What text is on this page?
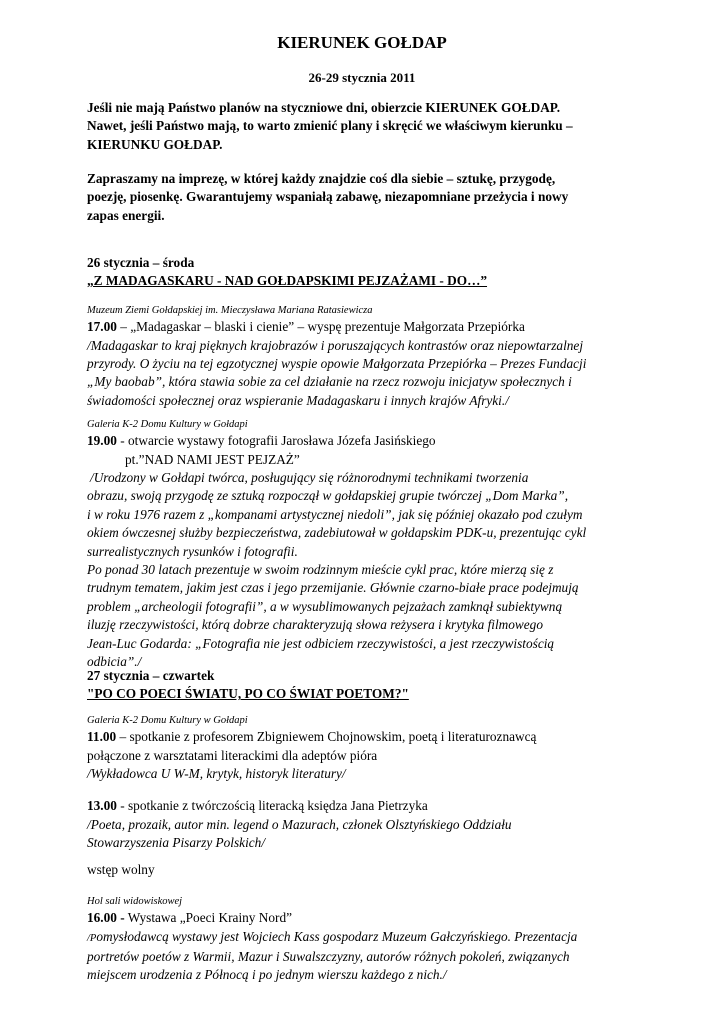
KIERUNEK GOŁDAP
26-29 stycznia 2011

Jeśli nie mają Państwo planów na styczniowe dni, obierzcie KIERUNEK GOŁDAP.

Nawet, jeśli Państwo mają, to warto zmienić plany i skręcić we właściwym kierunku –

KIERUNKU GOŁDAP.

Zapraszamy na imprezę, w której każdy znajdzie coś dla siebie – sztukę, przygodę,

poezję, piosenkę. Gwarantujemy wspaniałą zabawę, niezapomniane przeżycia i nowy

zapas energii.

26 stycznia – środa
„Z MADAGASKARU - NAD GOŁDAPSKIMI PEJZAŻAMI - DO…”
Muzeum Ziemi Gołdapskiej im. Mieczysława Mariana Ratasiewicza
17.00 – „Madagaskar – blaski i cienie” – wyspę prezentuje Małgorzata Przepiórka
/Madagaskar to kraj pięknych krajobrazów i poruszających kontrastów oraz niepowtarzalnej
przyrody. O życiu na tej egzotycznej wyspie opowie Małgorzata Przepiórka – Prezes Fundacji
„My baobab”, która stawia sobie za cel działanie na rzecz rozwoju inicjatyw społecznych i
świadomości społecznej oraz wspieranie Madagaskaru i innych krajów Afryki./
Galeria K-2 Domu Kultury w Gołdapi
19.00 - otwarcie wystawy fotografii Jarosława Józefa Jasińskiego
pt.”NAD NAMI JEST PEJZAŻ”
/Urodzony w Gołdapi twórca, posługujący się różnorodnymi technikami tworzenia
obrazu, swoją przygodę ze sztuką rozpoczął w gołdapskiej grupie twórczej „Dom Marka”,
i w roku 1976 razem z „kompanami artystycznej niedoli”, jak się później okazało pod czułym
okiem ówczesnej służby bezpieczeństwa, zadebiutował w gołdapskim PDK-u, prezentując cykl
surrealistycznych rysunków i fotografii.
Po ponad 30 latach prezentuje w swoim rodzinnym mieście cykl prac, które mierzą się z
trudnym tematem, jakim jest czas i jego przemijanie. Głównie czarno-białe prace podejmują
problem „archeologii fotografii”, a w wysublimowanych pejzażach zamknął subiektywną
iluzję rzeczywistości, którą dobrze charakteryzują słowa reżysera i krytyka filmowego
Jean-Luc Godarda: „Fotografia nie jest odbiciem rzeczywistości, a jest rzeczywistością
odbicia”./
27 stycznia – czwartek
"PO CO POECI ŚWIATU, PO CO ŚWIAT POETOM?"
Galeria K-2 Domu Kultury w Gołdapi
11.00 – spotkanie z profesorem Zbigniewem Chojnowskim, poetą i literaturoznawcą
połączone z warsztatami literackimi dla adeptów pióra
/Wykładowca U W-M, krytyk, historyk literatury/
13.00 - spotkanie z twórczością literacką księdza Jana Pietrzyka
/Poeta, prozaik, autor min. legend o Mazurach, członek Olsztyńskiego Oddziału
Stowarzyszenia Pisarzy Polskich/
wstęp wolny
Hol sali widowiskowej
16.00 - Wystawa „Poeci Krainy Nord”
/Pomysłodawcą wystawy jest Wojciech Kass gospodarz Muzeum Gałczyńskiego. Prezentacja
portretów poetów z Warmii, Mazur i Suwalszczyzny, autorów różnych pokoleń, związanych
miejscem urodzenia z Północą i po jednym wierszu każdego z nich./
